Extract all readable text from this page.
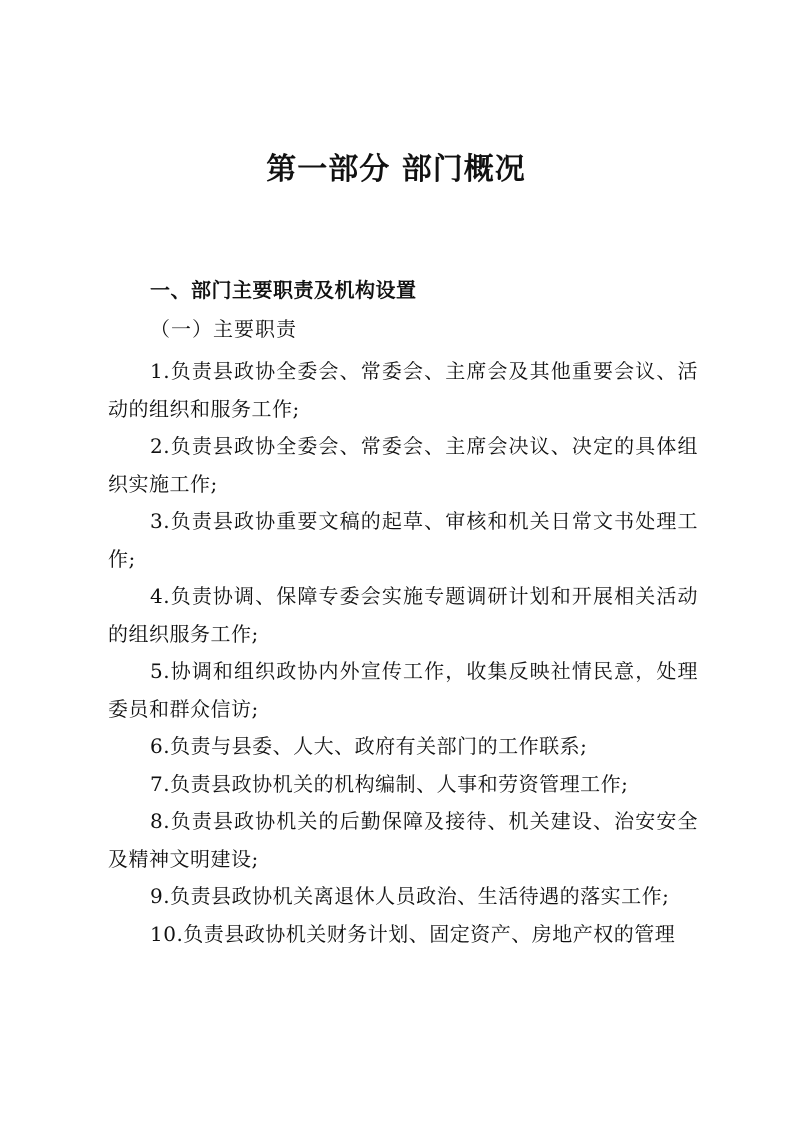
第一部分 部门概况
一、部门主要职责及机构设置
（一）主要职责

1.负责县政协全委会、常委会、主席会及其他重要会议、活动的组织和服务工作;

2.负责县政协全委会、常委会、主席会决议、决定的具体组织实施工作;

3.负责县政协重要文稿的起草、审核和机关日常文书处理工作;

4.负责协调、保障专委会实施专题调研计划和开展相关活动的组织服务工作;

5.协调和组织政协内外宣传工作，收集反映社情民意，处理委员和群众信访;

6.负责与县委、人大、政府有关部门的工作联系;

7.负责县政协机关的机构编制、人事和劳资管理工作;

8.负责县政协机关的后勤保障及接待、机关建设、治安安全及精神文明建设;

9.负责县政协机关离退休人员政治、生活待遇的落实工作;

10.负责县政协机关财务计划、固定资产、房地产权的管理
